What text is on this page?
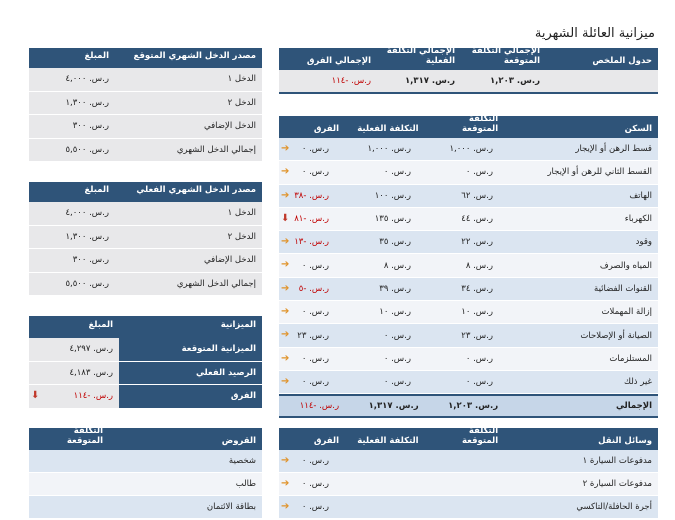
ميزانية العائلة الشهرية
حدول الملخص
الإجمالي التكلفة المتوقعة
الإجمالي التكلفة الفعلية
الإجمالي الفرق
ر.س. ١,٢٠٣
ر.س. ١,٣١٧
ر.س. -١١٤
السكن
التكلفة المتوقعة
التكلفة الفعلية
الفرق
قسط الرهن أو الإيجار
ر.س. ١,٠٠٠
ر.س. ١,٠٠٠
ر.س. ٠
➔
القسط الثاني للرهن أو الإيجار
ر.س. ٠
ر.س. ٠
ر.س. ٠
➔
الهاتف
ر.س. ٦٢
ر.س. ١٠٠
ر.س. -٣٨
➔
الكهرباء
ر.س. ٤٤
ر.س. ١٣٥
ر.س. -٨١
⬇
وقود
ر.س. ٢٢
ر.س. ٣٥
ر.س. -١٣
➔
المياه والصرف
ر.س. ٨
ر.س. ٨
ر.س. ٠
➔
القنوات الفضائية
ر.س. ٣٤
ر.س. ٣٩
ر.س. -٥
➔
إزالة المهملات
ر.س. ١٠
ر.س. ١٠
ر.س. ٠
➔
الصيانة أو الإصلاحات
ر.س. ٢٣
ر.س. ٠
ر.س. ٢٣
➔
المستلزمات
ر.س. ٠
ر.س. ٠
ر.س. ٠
➔
غير ذلك
ر.س. ٠
ر.س. ٠
ر.س. ٠
➔
الإجمالي
ر.س. ١,٢٠٣
ر.س. ١,٣١٧
ر.س. -١١٤
مصدر الدخل الشهري المتوقع
المبلغ
الدخل ١
ر.س. ٤,٠٠٠
الدخل ٢
ر.س. ١,٣٠٠
الدخل الإضافي
ر.س. ٣٠٠
إجمالي الدخل الشهري
ر.س. ٥,٥٠٠
مصدر الدخل الشهري الفعلي
المبلغ
الدخل ١
ر.س. ٤,٠٠٠
الدخل ٢
ر.س. ١,٣٠٠
الدخل الإضافي
ر.س. ٣٠٠
إجمالي الدخل الشهري
ر.س. ٥,٥٠٠
الميزانية
المبلغ
الميزانية المتوقعة
ر.س. ٤,٢٩٧
الرصيد الفعلي
ر.س. ٤,١٨٣
الفرق
ر.س. -١١٤
⬇
وسائل النقل
التكلفة المتوقعة
التكلفة الفعلية
الفرق
مدفوعات السيارة ١
ر.س. ٠
➔
مدفوعات السيارة ٢
ر.س. ٠
➔
أجرة الحافلة/التاكسي
ر.س. ٠
➔
القروض
التكلفة المتوقعة
شخصية
طالب
بطاقة الائتمان
